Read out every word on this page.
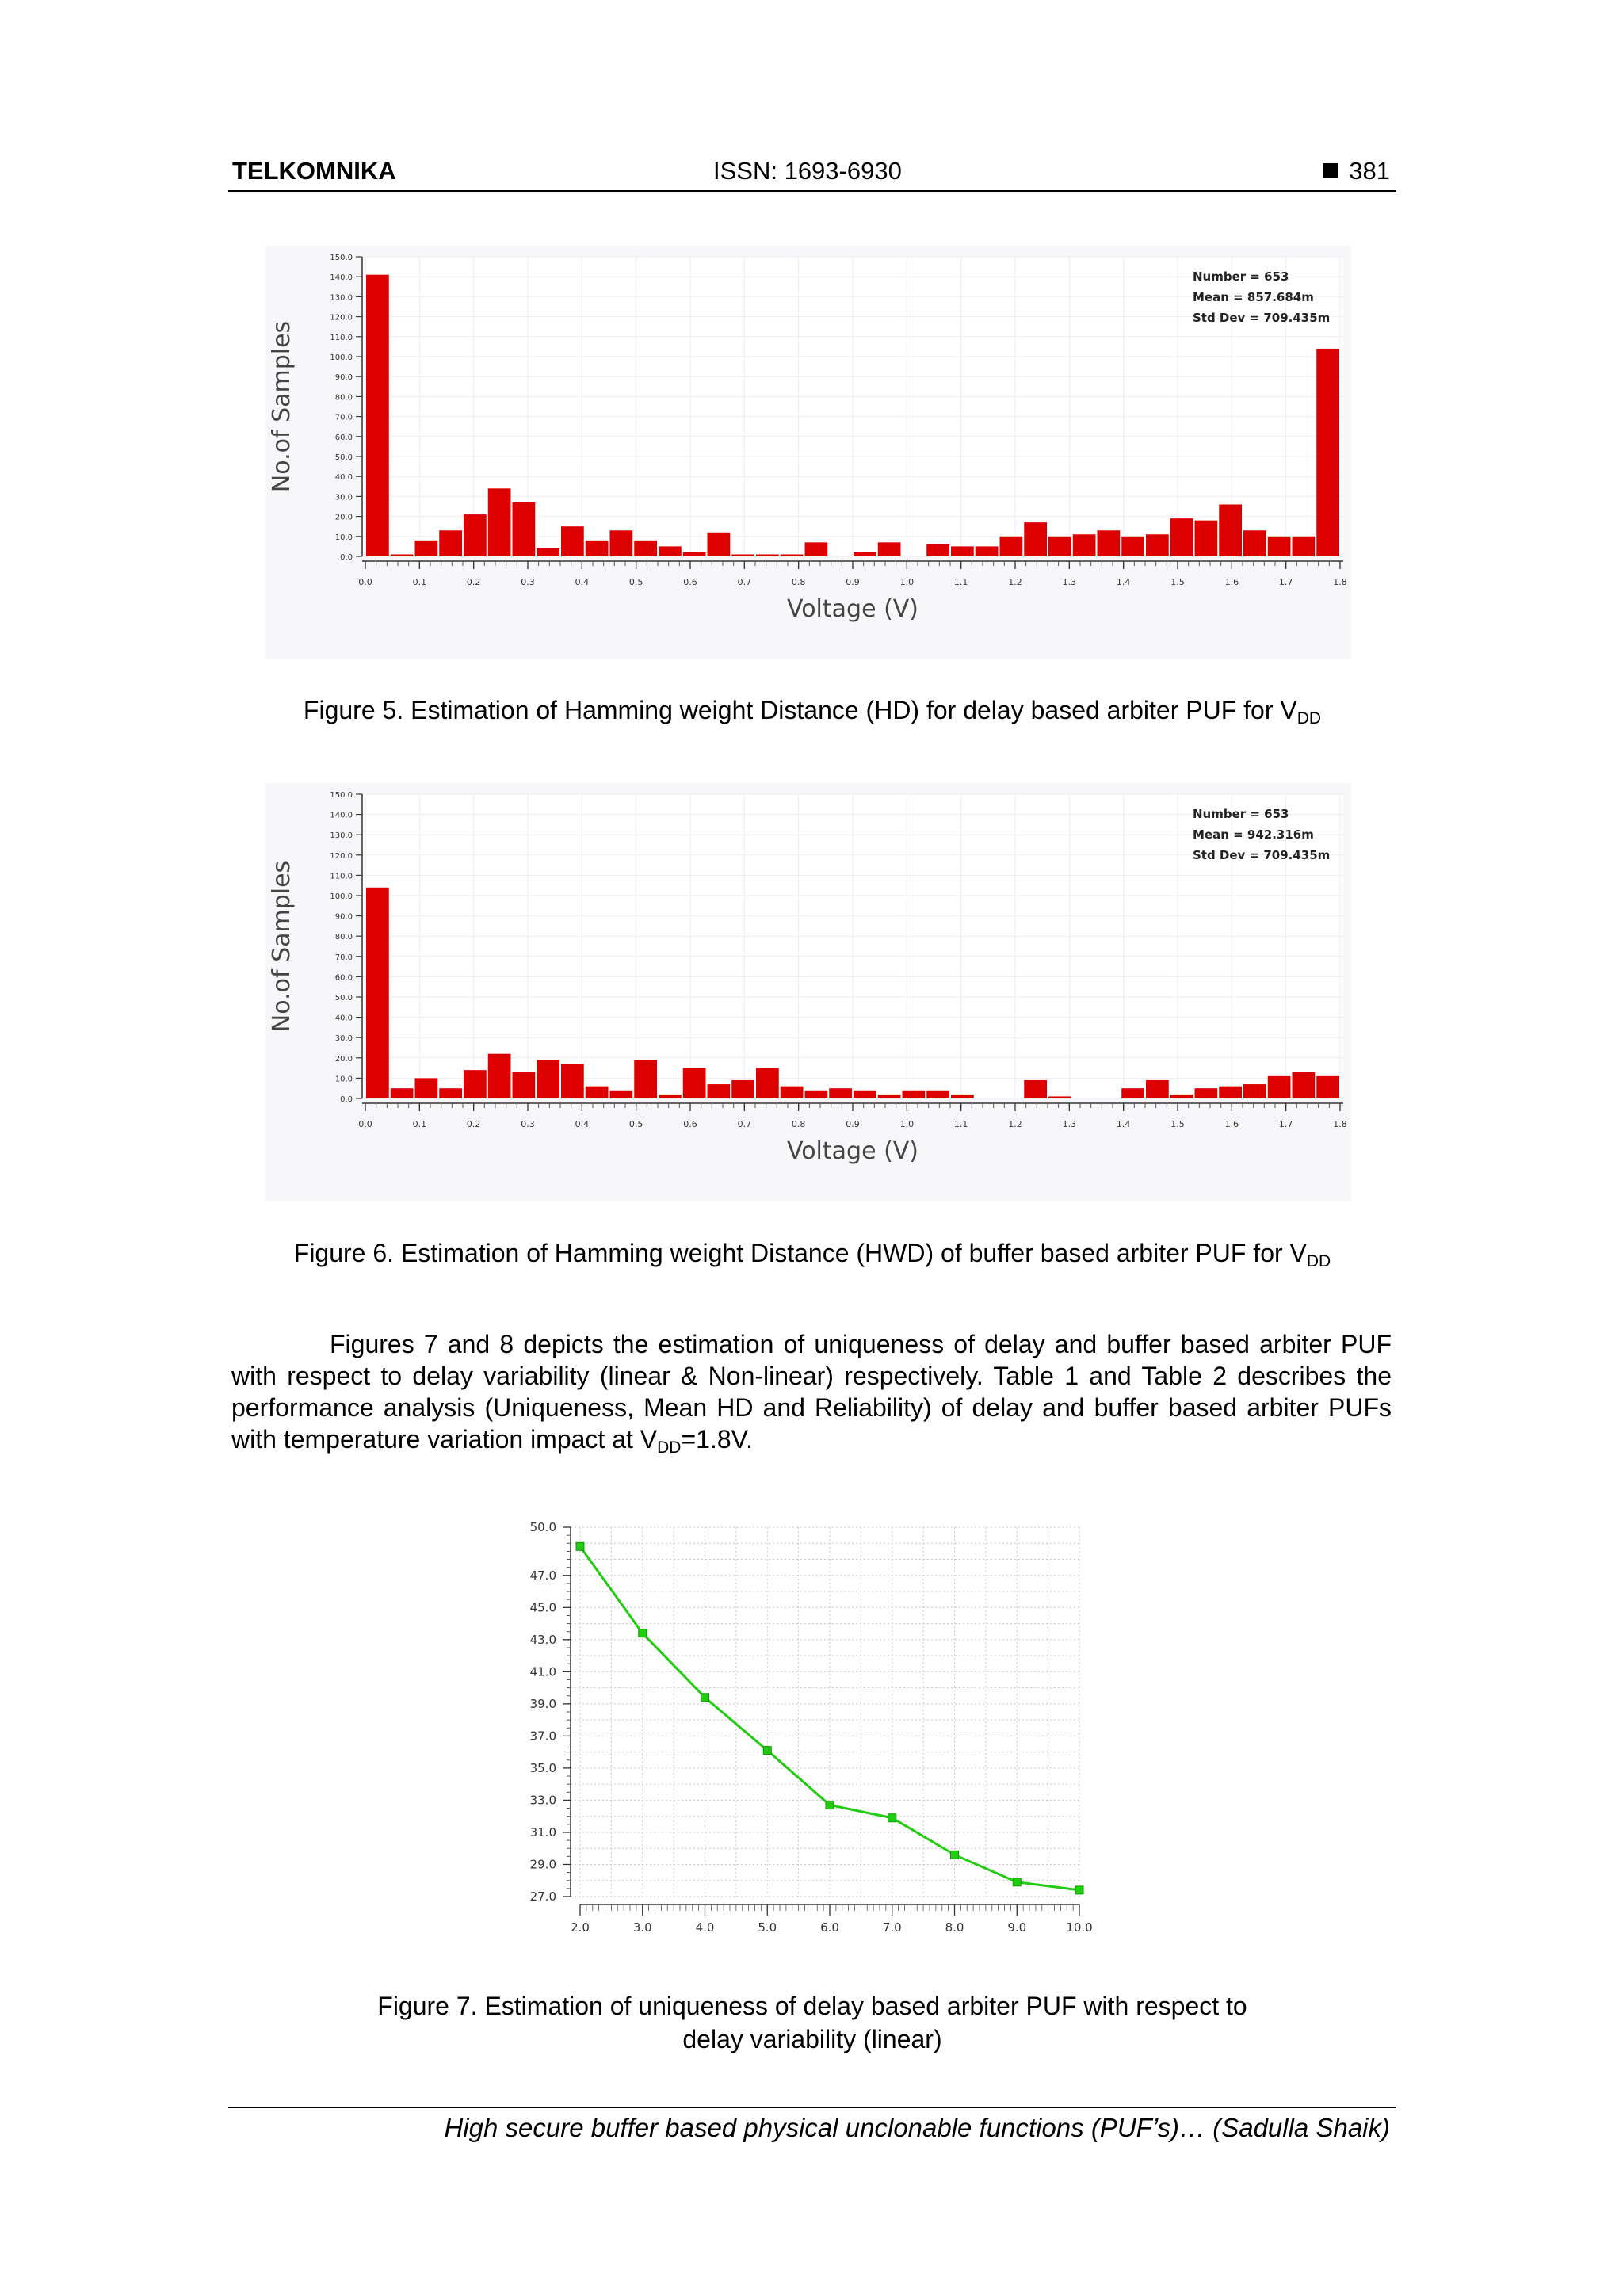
TELKOMNIKA	ISSN: 1693-6930	381
0.0
10.0
20.0
30.0
40.0
50.0
60.0
70.0
80.0
90.0
100.0
110.0
120.0
130.0
140.0
150.0
0.0	0.1	0.2	0.3	0.4	0.5	0.6	0.7	0.8	0.9	1.0	1.1	1.2	1.3	1.4	1.5	1.6	1.7	1.8
Voltage (V)
No.of Samples
Number = 653
Mean = 857.684m
Std Dev = 709.435m
Figure 5. Estimation of Hamming weight Distance (HD) for delay based arbiter PUF for $V_{DD}$
0.0
10.0
20.0
30.0
40.0
50.0
60.0
70.0
80.0
90.0
100.0
110.0
120.0
130.0
140.0
150.0
0.0	0.1	0.2	0.3	0.4	0.5	0.6	0.7	0.8	0.9	1.0	1.1	1.2	1.3	1.4	1.5	1.6	1.7	1.8
Voltage (V)
No.of Samples
Number = 653
Mean = 942.316m
Std Dev = 709.435m
Figure 6. Estimation of Hamming weight Distance (HWD) of buffer based arbiter PUF for $V_{DD}$

Figures 7 and 8 depicts the estimation of uniqueness of delay and buffer based arbiter PUF with respect to delay variability (linear & Non-linear) respectively. Table 1 and Table 2 describes the performance analysis (Uniqueness, Mean HD and Reliability) of delay and buffer based arbiter PUFs with temperature variation impact at $V_{DD}=1.8V$.

27.0
29.0
31.0
33.0
35.0
37.0
39.0
41.0
43.0
45.0
47.0
50.0
2.0	3.0	4.0	5.0	6.0	7.0	8.0	9.0	10.0
Figure 7. Estimation of uniqueness of delay based arbiter PUF with respect to
delay variability (linear)
High secure buffer based physical unclonable functions (PUF’s)… (Sadulla Shaik)
